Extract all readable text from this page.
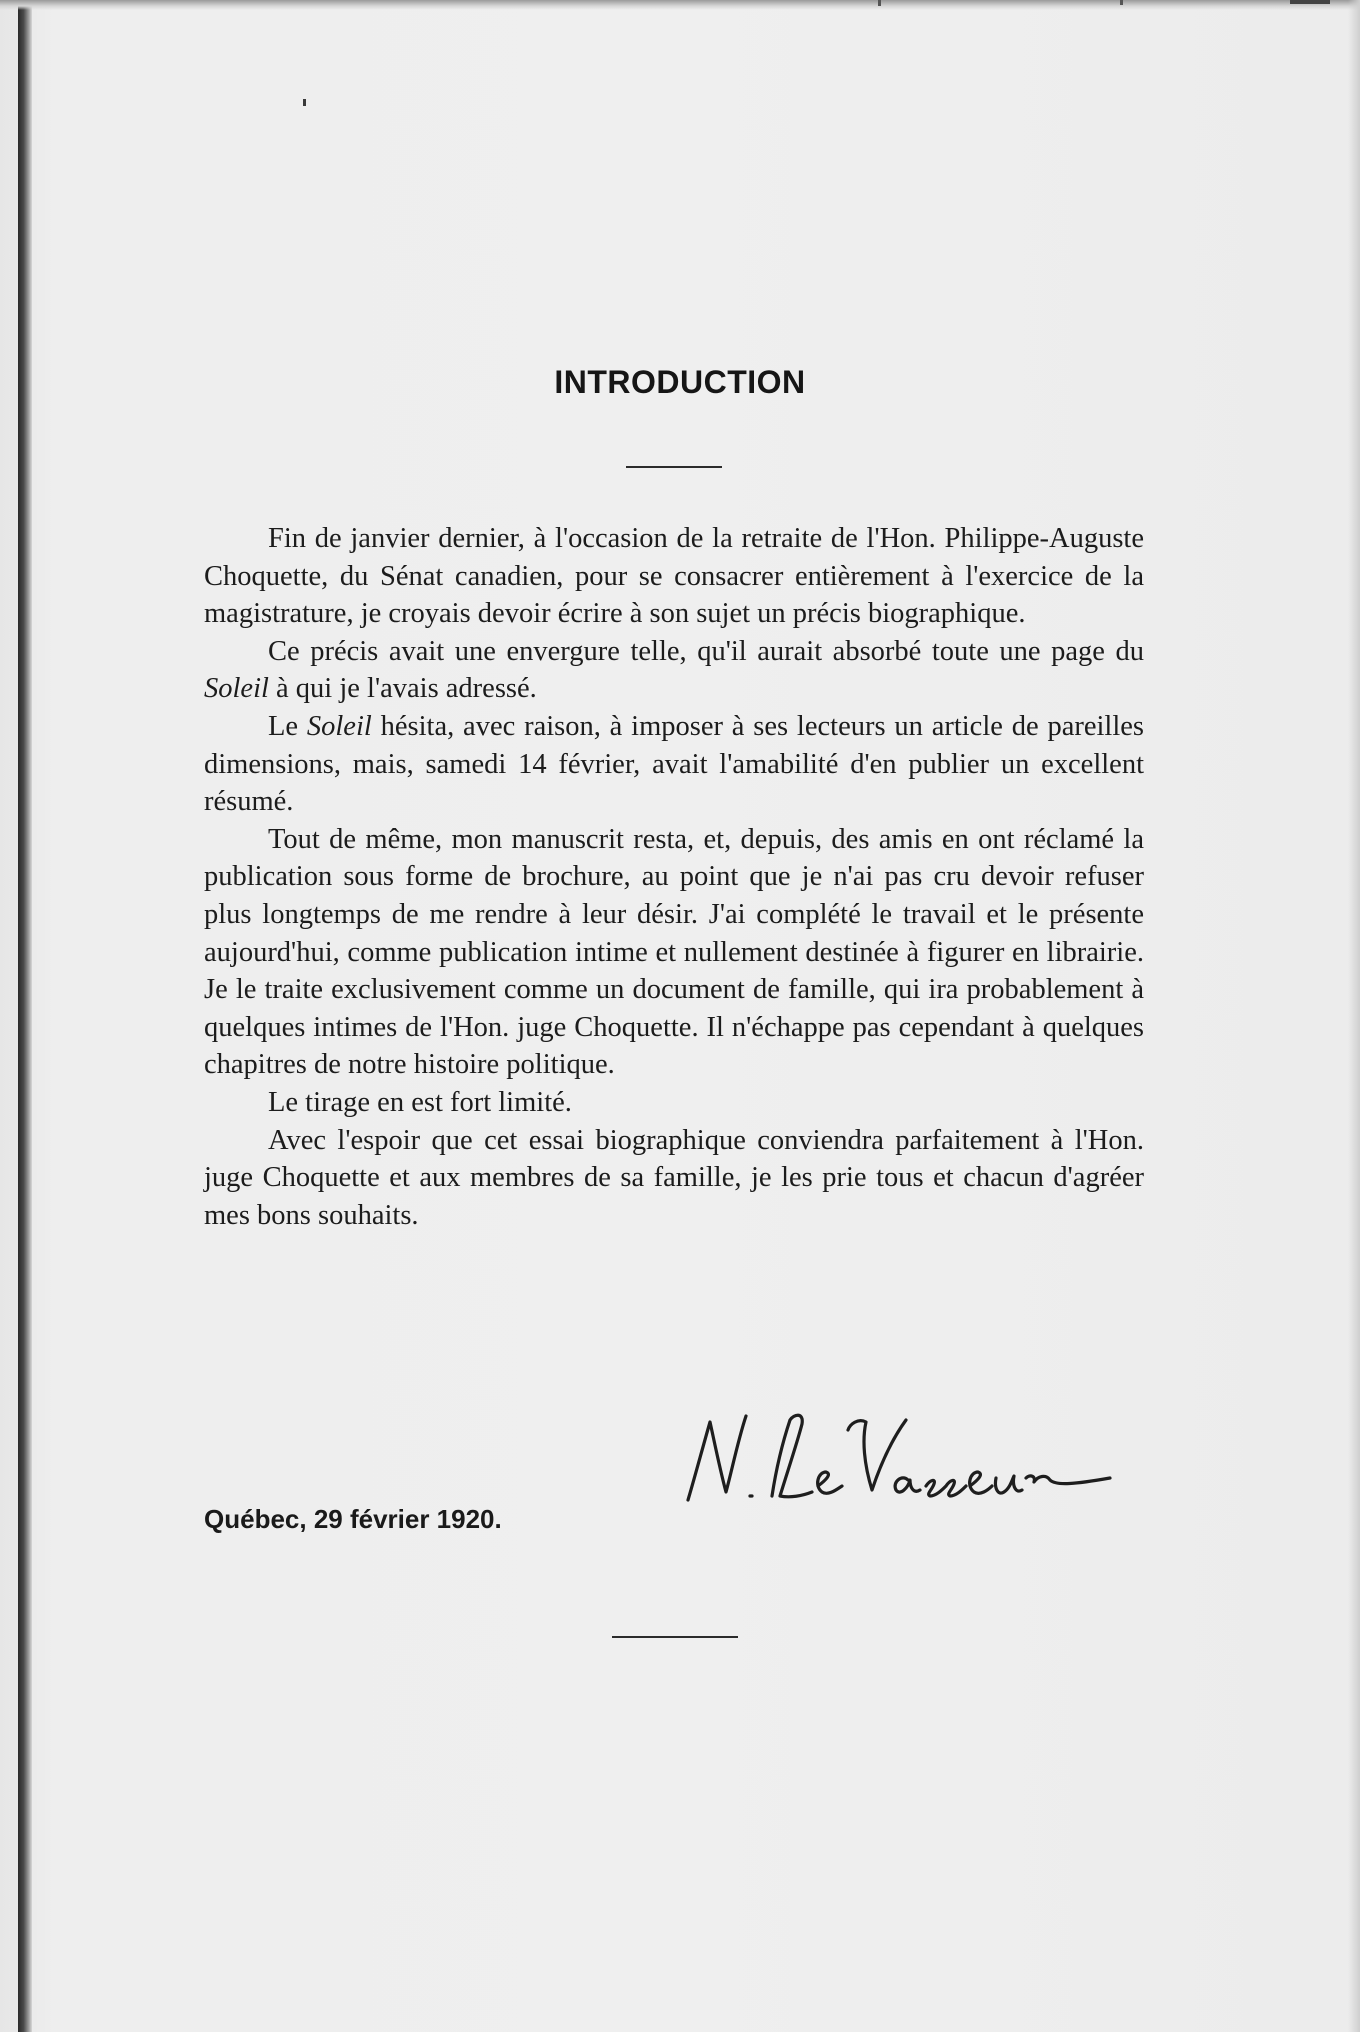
INTRODUCTION

Fin de janvier dernier, à l'occasion de la retraite de l'Hon. Philippe-Auguste Choquette, du Sénat canadien, pour se consacrer entièrement à l'exercice de la magistrature, je croyais devoir écrire à son sujet un précis biographique.

Ce précis avait une envergure telle, qu'il aurait absorbé toute une page du Soleil à qui je l'avais adressé.

Le Soleil hésita, avec raison, à imposer à ses lecteurs un article de pareilles dimensions, mais, samedi 14 février, avait l'amabilité d'en publier un excellent résumé.

Tout de même, mon manuscrit resta, et, depuis, des amis en ont réclamé la publication sous forme de brochure, au point que je n'ai pas cru devoir refuser plus longtemps de me rendre à leur désir. J'ai complété le travail et le présente aujourd'hui, comme publication intime et nullement destinée à figurer en librairie. Je le traite exclusivement comme un document de famille, qui ira probablement à quelques intimes de l'Hon. juge Choquette. Il n'échappe pas cependant à quelques chapitres de notre histoire politique.

Le tirage en est fort limité.

Avec l'espoir que cet essai biographique conviendra parfaitement à l'Hon. juge Choquette et aux membres de sa famille, je les prie tous et chacun d'agréer mes bons souhaits.

Québec, 29 février 1920.
